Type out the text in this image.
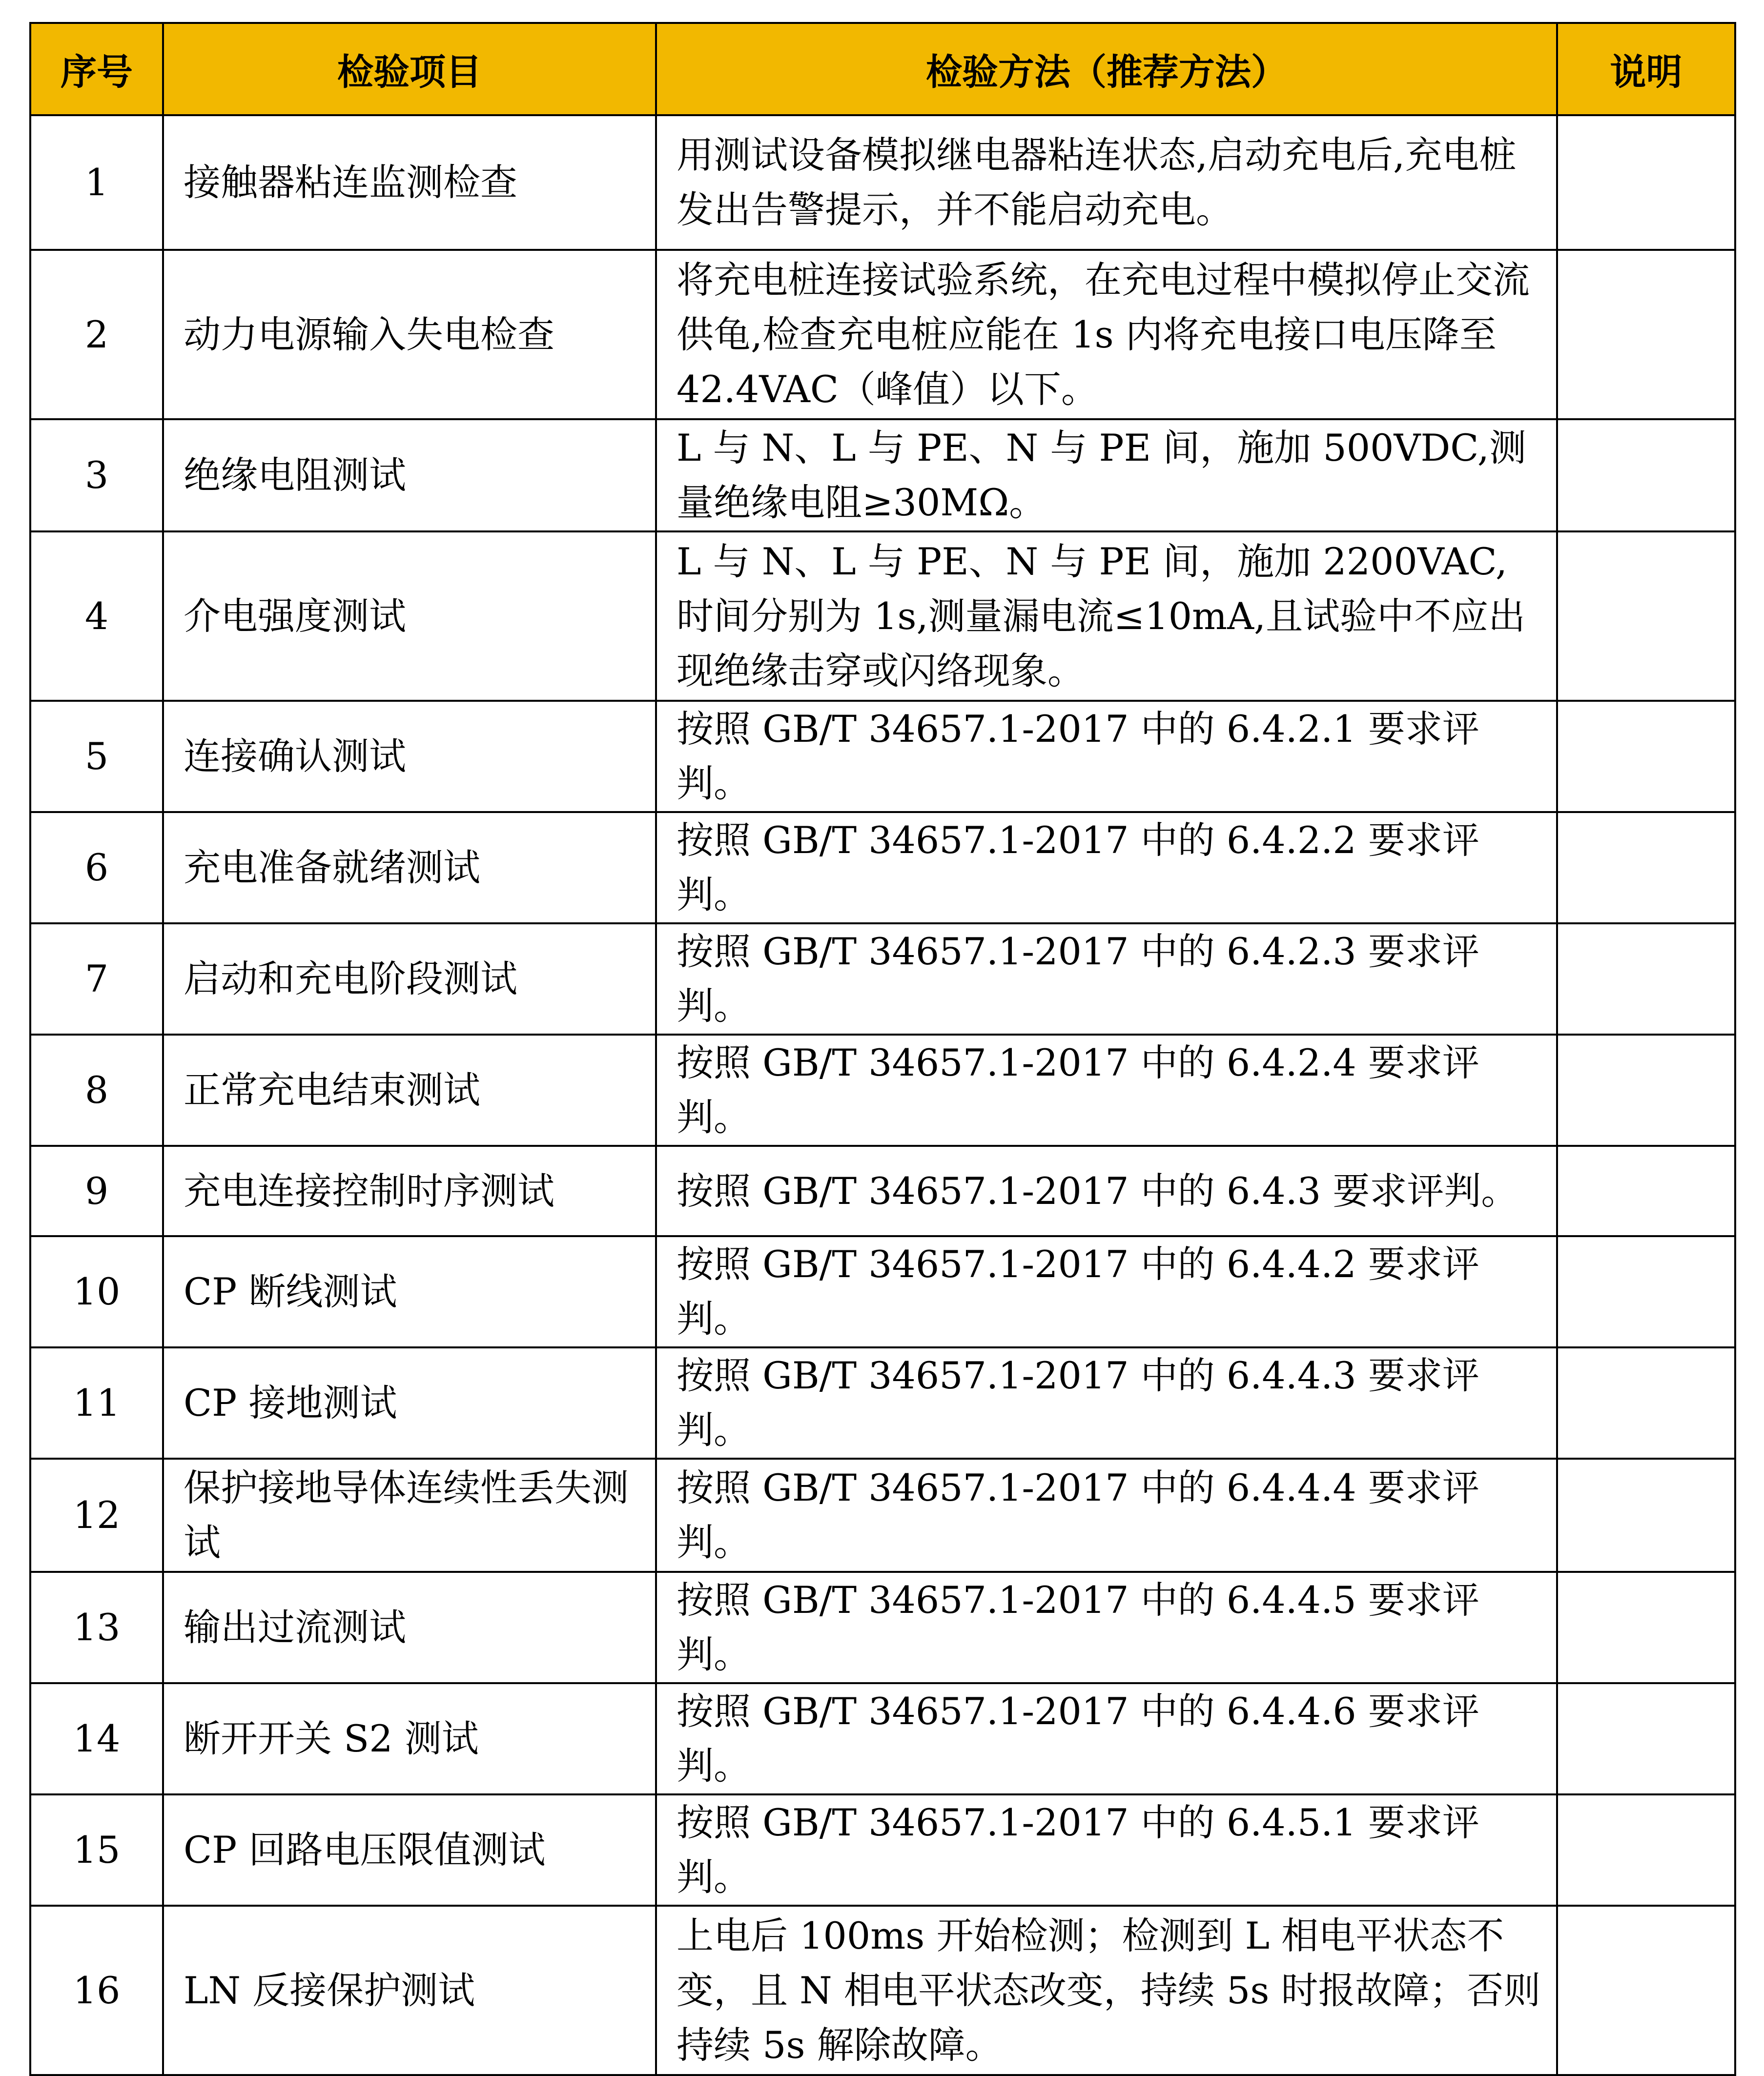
序号	检验项目	检验方法（推荐方法）	说明
1	接触器粘连监测检查	用测试设备模拟继电器粘连状态,启动充电后,充电桩发出告警提示，并不能启动充电。	
2	动力电源输入失电检查	将充电桩连接试验系统，在充电过程中模拟停止交流供龟,检查充电桩应能在 1s 内将充电接口电压降至 42.4VAC（峰值）以下。	
3	绝缘电阻测试	L 与 N、L 与 PE、N 与 PE 间，施加 500VDC,测量绝缘电阻≥30MΩ。	
4	介电强度测试	L 与 N、L 与 PE、N 与 PE 间，施加 2200VAC,时间分别为 1s,测量漏电流≤10mA,且试验中不应出现绝缘击穿或闪络现象。	
5	连接确认测试	按照 GB/T 34657.1-2017 中的 6.4.2.1 要求评判。	
6	充电准备就绪测试	按照 GB/T 34657.1-2017 中的 6.4.2.2 要求评判。	
7	启动和充电阶段测试	按照 GB/T 34657.1-2017 中的 6.4.2.3 要求评判。	
8	正常充电结束测试	按照 GB/T 34657.1-2017 中的 6.4.2.4 要求评判。	
9	充电连接控制时序测试	按照 GB/T 34657.1-2017 中的 6.4.3 要求评判。	
10	CP 断线测试	按照 GB/T 34657.1-2017 中的 6.4.4.2 要求评判。	
11	CP 接地测试	按照 GB/T 34657.1-2017 中的 6.4.4.3 要求评判。	
12	保护接地导体连续性丢失测试	按照 GB/T 34657.1-2017 中的 6.4.4.4 要求评判。	
13	输出过流测试	按照 GB/T 34657.1-2017 中的 6.4.4.5 要求评判。	
14	断开开关 S2 测试	按照 GB/T 34657.1-2017 中的 6.4.4.6 要求评判。	
15	CP 回路电压限值测试	按照 GB/T 34657.1-2017 中的 6.4.5.1 要求评判。	
16	LN 反接保护测试	上电后 100ms 开始检测；检测到 L 相电平状态不变，且 N 相电平状态改变，持续 5s 时报故障；否则持续 5s 解除故障。	
